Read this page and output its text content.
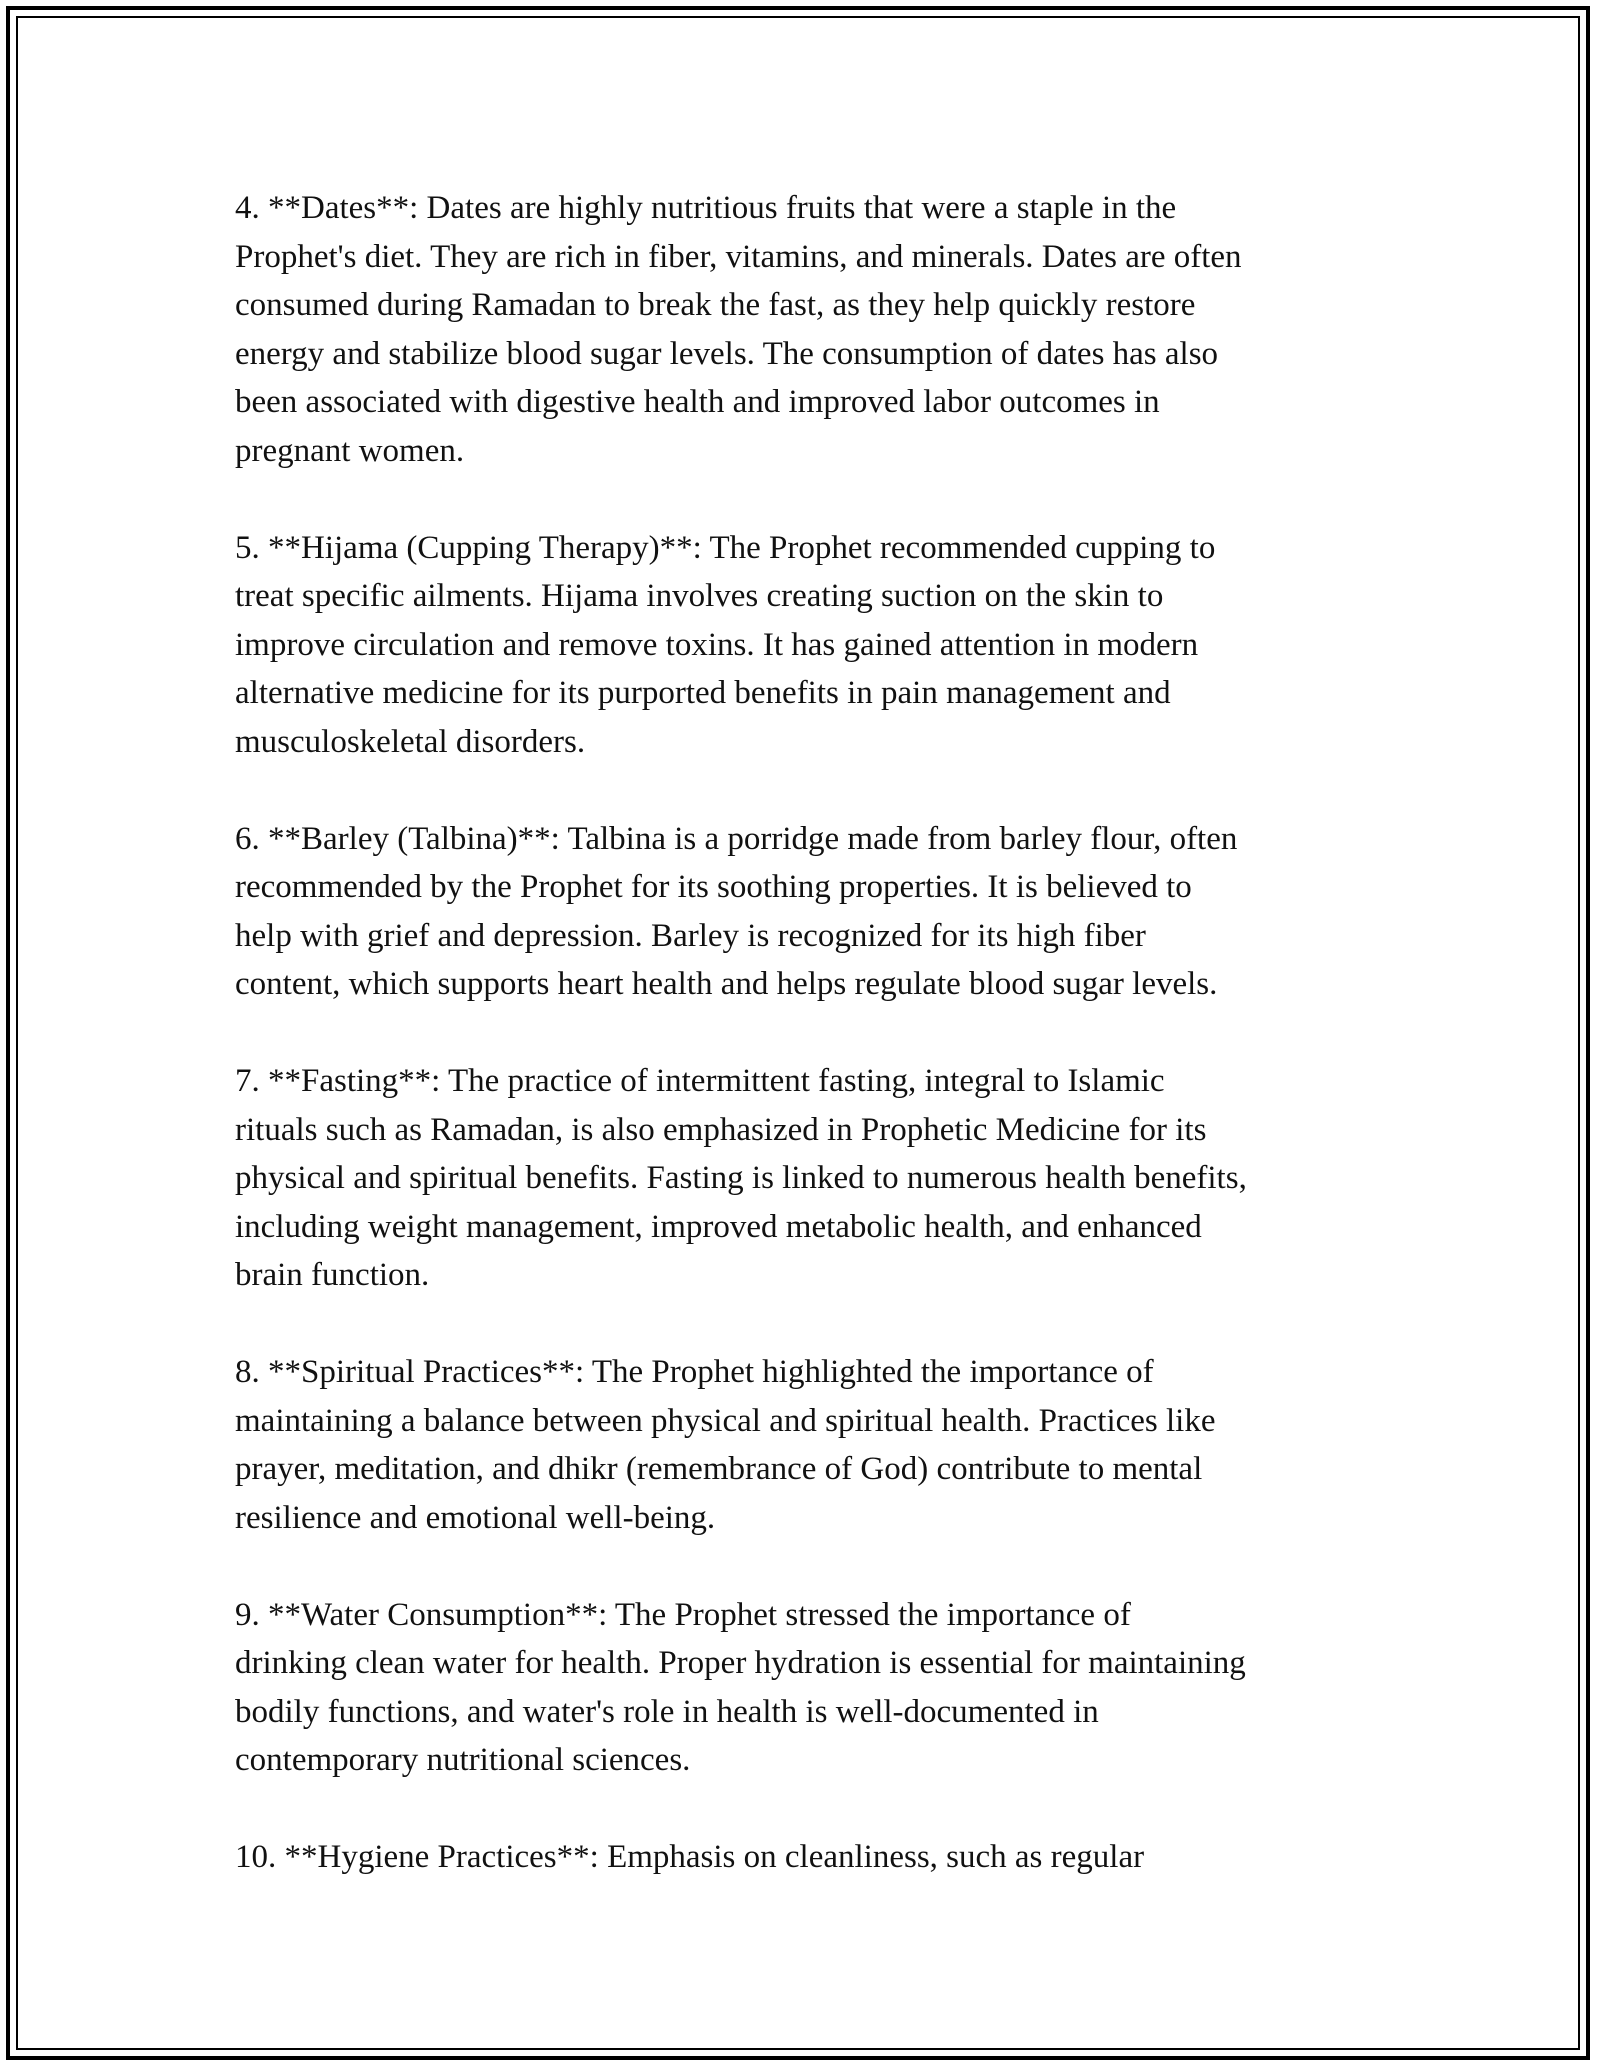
4. **Dates**: Dates are highly nutritious fruits that were a staple in the
Prophet's diet. They are rich in fiber, vitamins, and minerals. Dates are often
consumed during Ramadan to break the fast, as they help quickly restore
energy and stabilize blood sugar levels. The consumption of dates has also
been associated with digestive health and improved labor outcomes in
pregnant women.

5. **Hijama (Cupping Therapy)**: The Prophet recommended cupping to
treat specific ailments. Hijama involves creating suction on the skin to
improve circulation and remove toxins. It has gained attention in modern
alternative medicine for its purported benefits in pain management and
musculoskeletal disorders.

6. **Barley (Talbina)**: Talbina is a porridge made from barley flour, often
recommended by the Prophet for its soothing properties. It is believed to
help with grief and depression. Barley is recognized for its high fiber
content, which supports heart health and helps regulate blood sugar levels.

7. **Fasting**: The practice of intermittent fasting, integral to Islamic
rituals such as Ramadan, is also emphasized in Prophetic Medicine for its
physical and spiritual benefits. Fasting is linked to numerous health benefits,
including weight management, improved metabolic health, and enhanced
brain function.

8. **Spiritual Practices**: The Prophet highlighted the importance of
maintaining a balance between physical and spiritual health. Practices like
prayer, meditation, and dhikr (remembrance of God) contribute to mental
resilience and emotional well-being.

9. **Water Consumption**: The Prophet stressed the importance of
drinking clean water for health. Proper hydration is essential for maintaining
bodily functions, and water's role in health is well-documented in
contemporary nutritional sciences.

10. **Hygiene Practices**: Emphasis on cleanliness, such as regular
